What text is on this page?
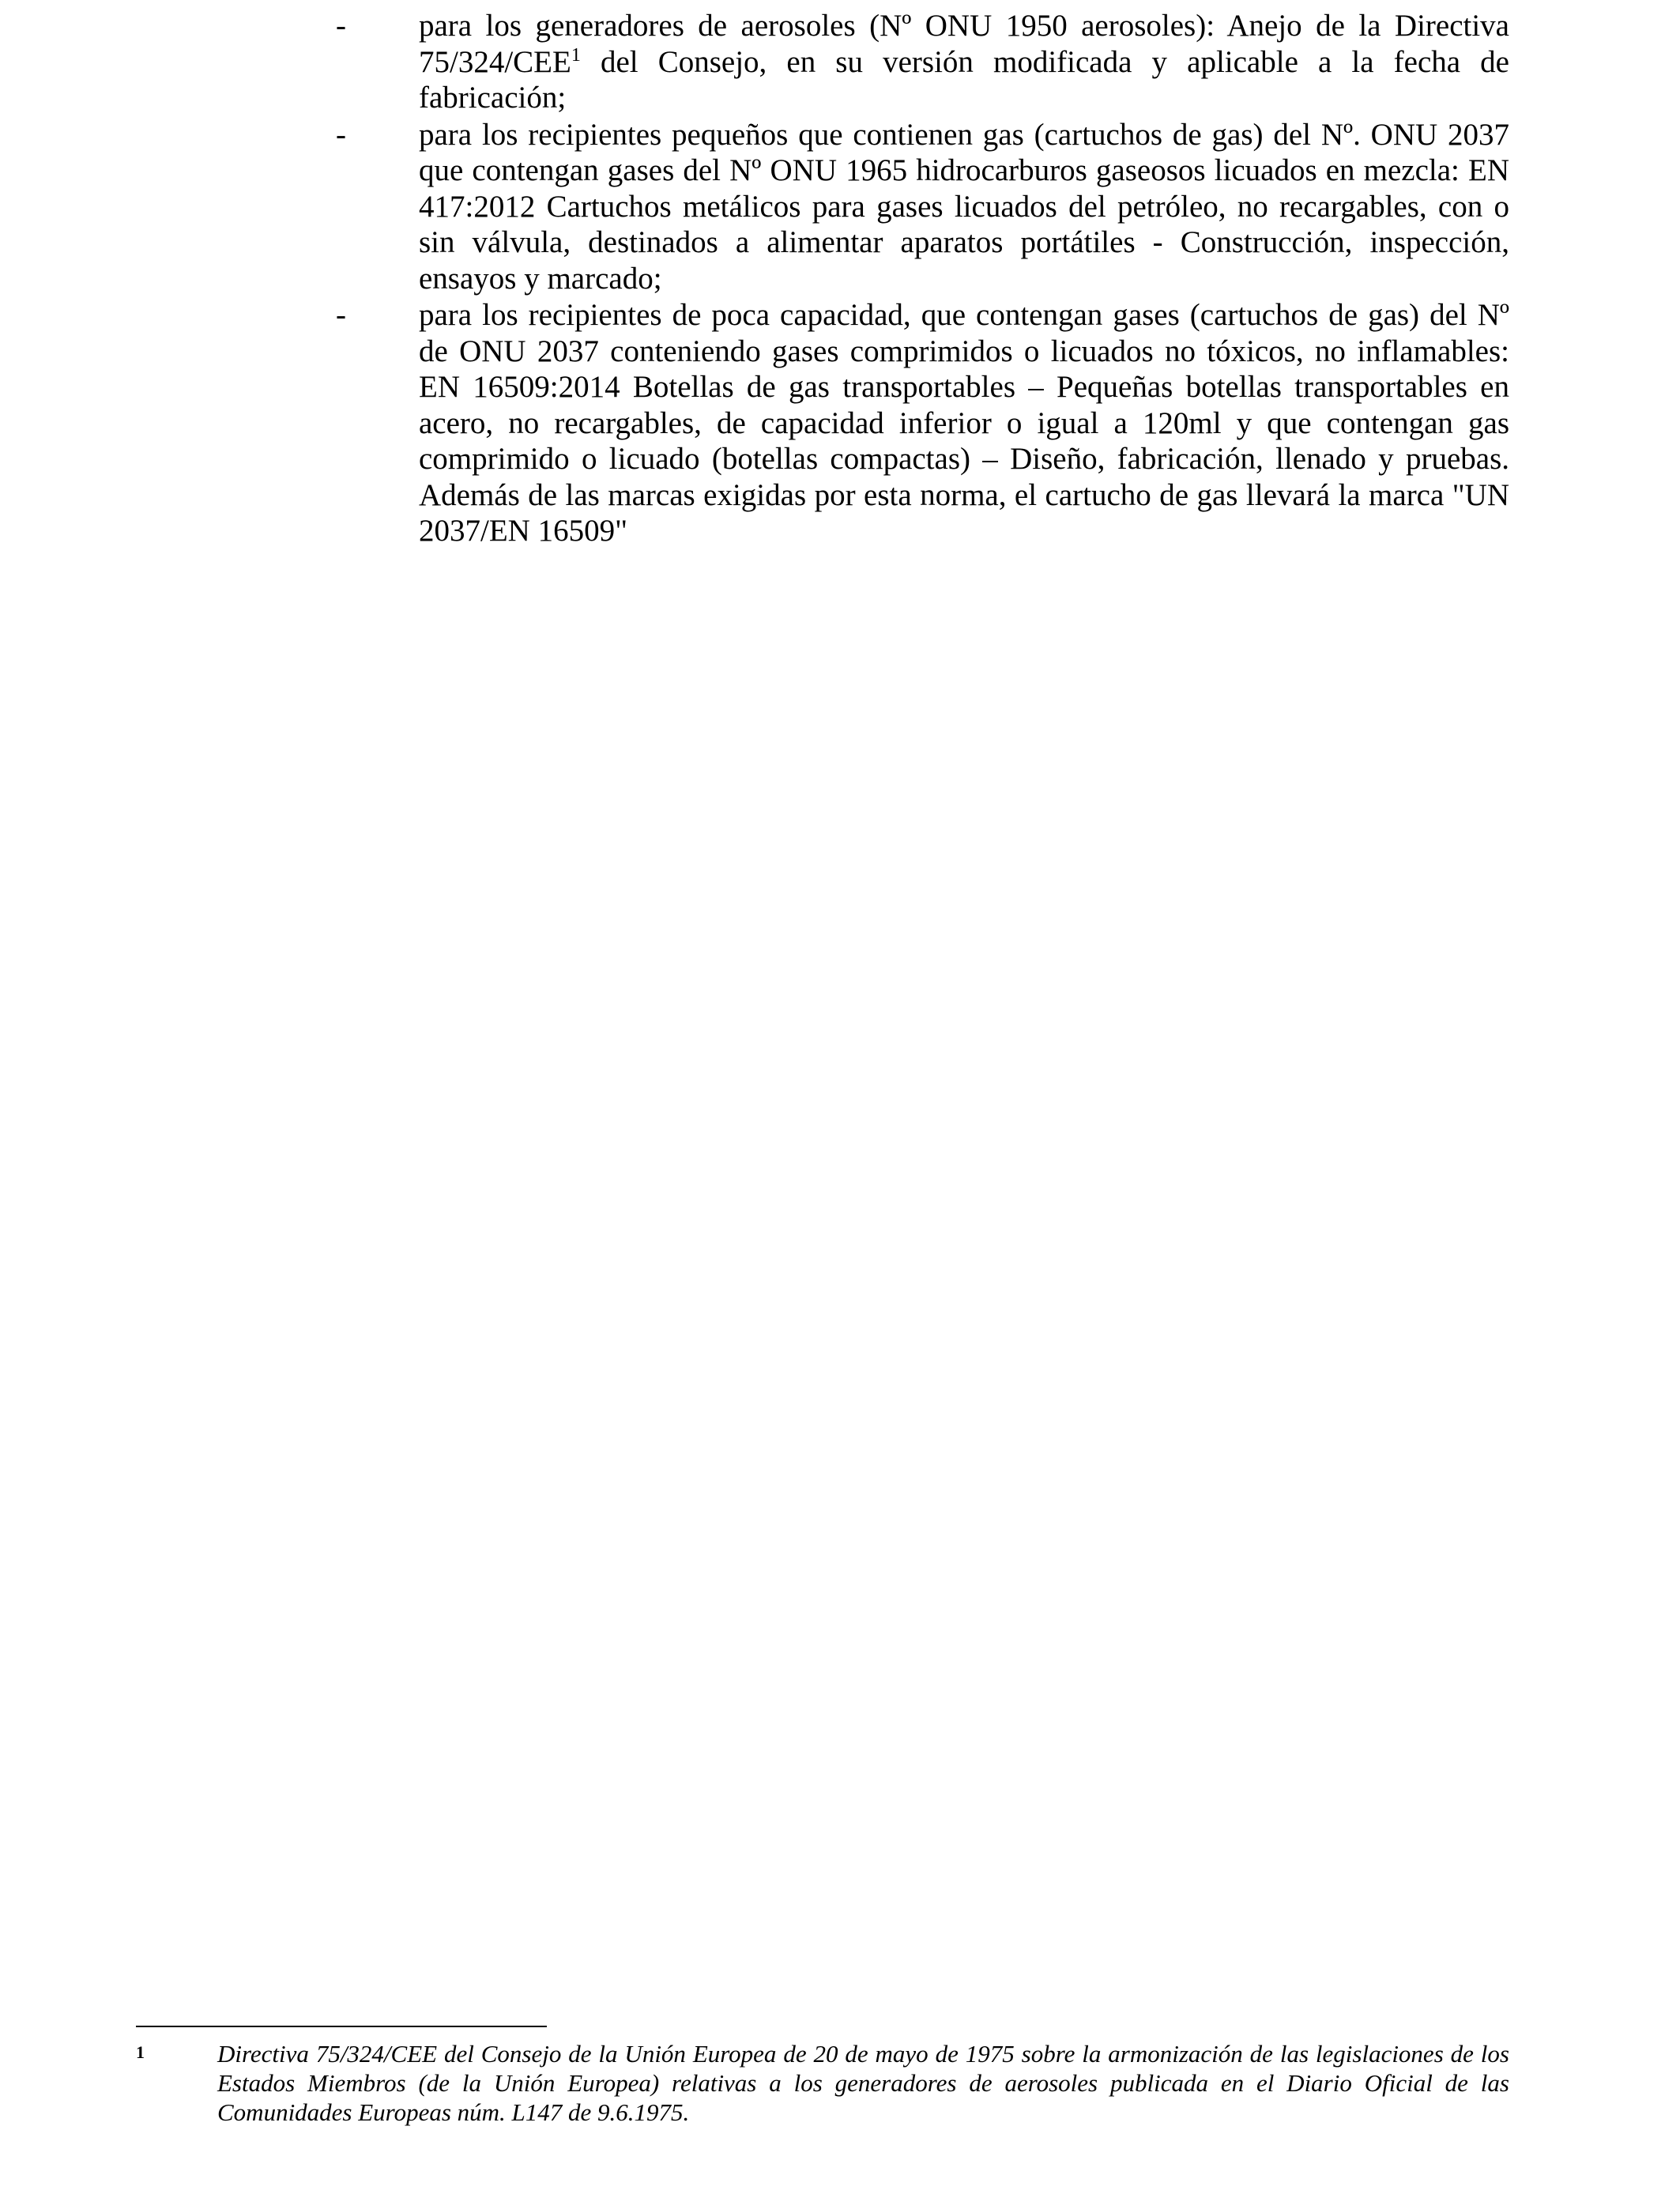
-	para los generadores de aerosoles (Nº ONU 1950 aerosoles): Anejo de la Directiva 75/324/CEE$^1$ del Consejo, en su versión modificada y aplicable a la fecha de fabricación;
-	para los recipientes pequeños que contienen gas (cartuchos de gas) del Nº. ONU 2037 que contengan gases del Nº ONU 1965 hidrocarburos gaseosos licuados en mezcla: EN 417:2012 Cartuchos metálicos para gases licuados del petróleo, no recargables, con o sin válvula, destinados a alimentar aparatos portátiles - Construcción, inspección, ensayos y marcado;
-	para los recipientes de poca capacidad, que contengan gases (cartuchos de gas) del Nº de ONU 2037 conteniendo gases comprimidos o licuados no tóxicos, no inflamables: EN 16509:2014 Botellas de gas transportables – Pequeñas botellas transportables en acero, no recargables, de capacidad inferior o igual a 120ml y que contengan gas comprimido o licuado (botellas compactas) – Diseño, fabricación, llenado y pruebas. Además de las marcas exigidas por esta norma, el cartucho de gas llevará la marca "UN 2037/EN 16509"
1	Directiva 75/324/CEE del Consejo de la Unión Europea de 20 de mayo de 1975 sobre la armonización de las legislaciones de los Estados Miembros (de la Unión Europea) relativas a los generadores de aerosoles publicada en el Diario Oficial de las Comunidades Europeas núm. L147 de 9.6.1975.
